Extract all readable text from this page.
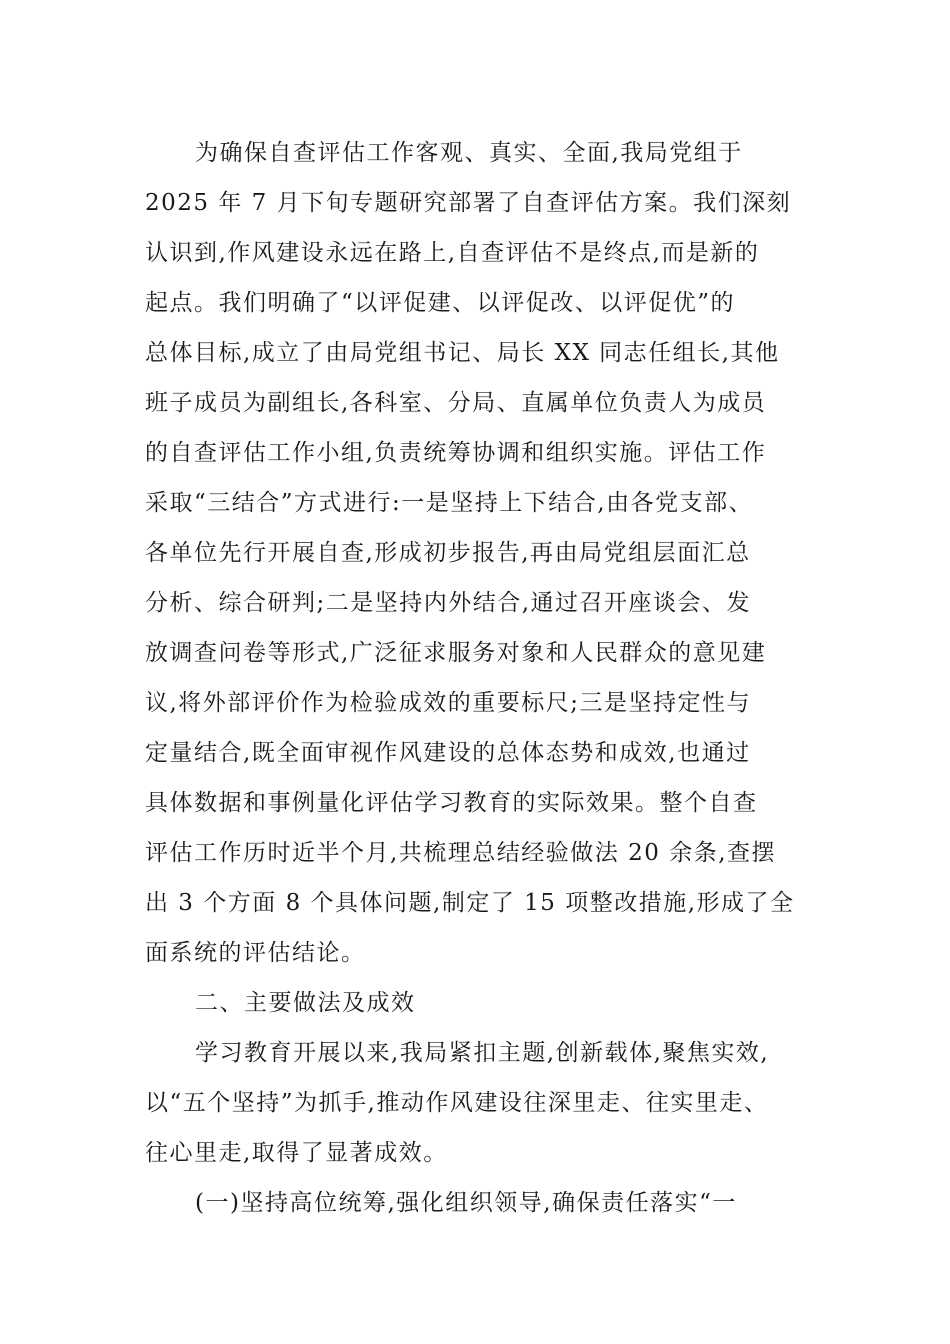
为确保自查评估工作客观、真实、全面,我局党组于
2025 年 7 月下旬专题研究部署了自查评估方案。我们深刻
认识到,作风建设永远在路上,自查评估不是终点,而是新的
起点。我们明确了“以评促建、以评促改、以评促优”的
总体目标,成立了由局党组书记、局长 XX 同志任组长,其他
班子成员为副组长,各科室、分局、直属单位负责人为成员
的自查评估工作小组,负责统筹协调和组织实施。评估工作
采取“三结合”方式进行:一是坚持上下结合,由各党支部、
各单位先行开展自查,形成初步报告,再由局党组层面汇总
分析、综合研判;二是坚持内外结合,通过召开座谈会、发
放调查问卷等形式,广泛征求服务对象和人民群众的意见建
议,将外部评价作为检验成效的重要标尺;三是坚持定性与
定量结合,既全面审视作风建设的总体态势和成效,也通过
具体数据和事例量化评估学习教育的实际效果。整个自查
评估工作历时近半个月,共梳理总结经验做法 20 余条,查摆
出 3 个方面 8 个具体问题,制定了 15 项整改措施,形成了全
面系统的评估结论。
二、主要做法及成效
学习教育开展以来,我局紧扣主题,创新载体,聚焦实效,
以“五个坚持”为抓手,推动作风建设往深里走、往实里走、
往心里走,取得了显著成效。
(一)坚持高位统筹,强化组织领导,确保责任落实“一
